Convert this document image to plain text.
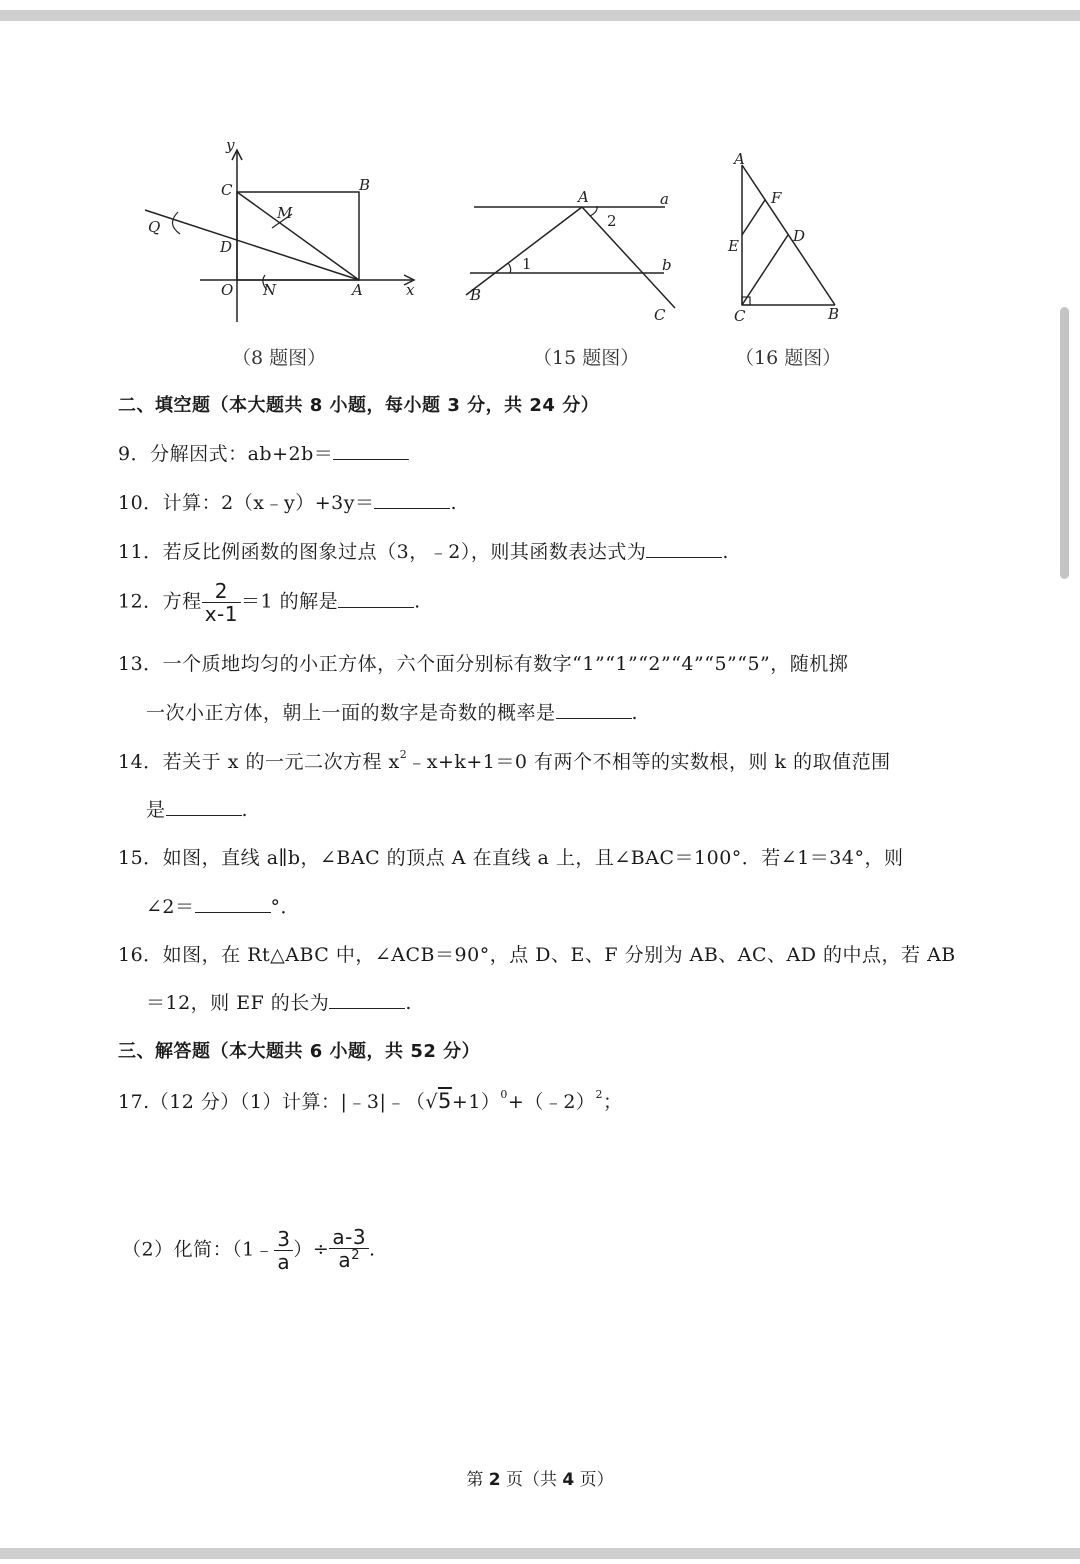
y
C	B
M
Q
D
O N	A	x
A	a
2
1	b
B
C
A
F
E
D
C	B
（8 题图）	（15 题图）	（16 题图）
二、填空题（本大题共 8 小题，每小题 3 分，共 24 分）
9．分解因式：ab+2b＝
10．计算：2（x﹣y）+3y＝	.
11．若反比例函数的图象过点（3，﹣2），则其函数表达式为	.
12．方程 $\frac{2}{x-1} =1$ 的解是	.
13．一个质地均匀的小正方体，六个面分别标有数字“1”“1”“2”“4”“5”“5”，随机掷
一次小正方体，朝上一面的数字是奇数的概率是	.
14．若关于 x 的一元二次方程 $x^2﹣x+k+1=0$ 有两个不相等的实数根，则 k 的取值范围
是	.
15．如图，直线 a∥b，∠BAC 的顶点 A 在直线 a 上，且∠BAC＝100°．若∠1＝34°，则
∠2＝	°．
16．如图，在 Rt△ABC 中，∠ACB＝90°，点 D、E、F 分别为 AB、AC、AD 的中点，若 AB
＝12，则 EF 的长为	.
三、解答题（本大题共 6 小题，共 52 分）
17.（12 分）（1）计算：$|﹣3|﹣(√5+1)^0+(﹣2)^2$；
（2）化简：（1﹣ $\frac{3}{a}$ ）÷ $\frac{a-3}{a^2}$ .
第 2 页（共 4 页）
